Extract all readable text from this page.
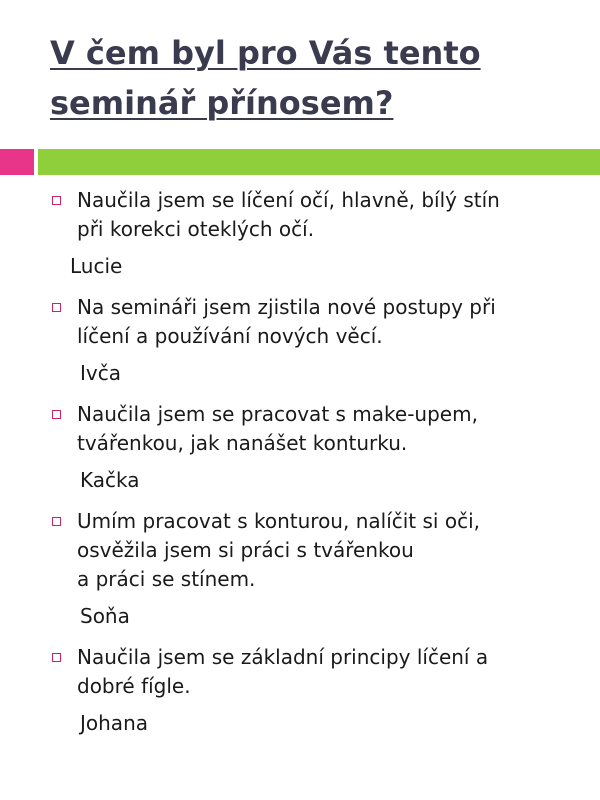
V čem byl pro Vás tento
seminář přínosem?
Naučila jsem se líčení očí, hlavně, bílý stín
při korekci oteklých očí.
Lucie
Na semináři jsem zjistila nové postupy při
líčení a používání nových věcí.
Ivča
Naučila jsem se pracovat s make-upem,
tvářenkou, jak nanášet konturku.
Kačka
Umím pracovat s konturou, nalíčit si oči,
osvěžila jsem si práci s tvářenkou
a práci se stínem.
Soňa
Naučila jsem se základní principy líčení a
dobré fígle.
Johana
